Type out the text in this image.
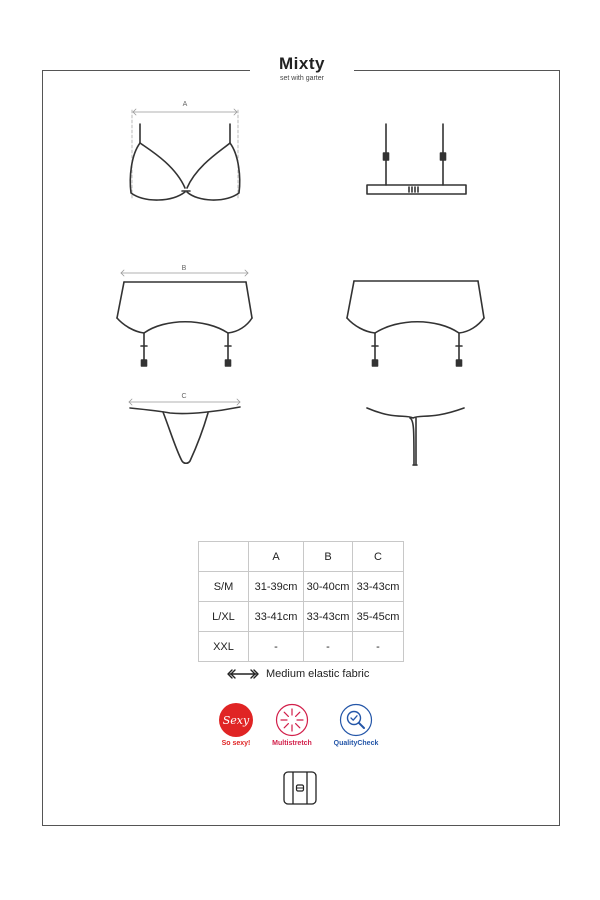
Mixty
set with garter
A
B
C
	A	B	C
S/M	31-39cm	30-40cm	33-43cm
L/XL	33-41cm	33-43cm	35-45cm
XXL	-	-	-
Medium elastic fabric
Sexy
So sexy!	Multistretch	QualityCheck
